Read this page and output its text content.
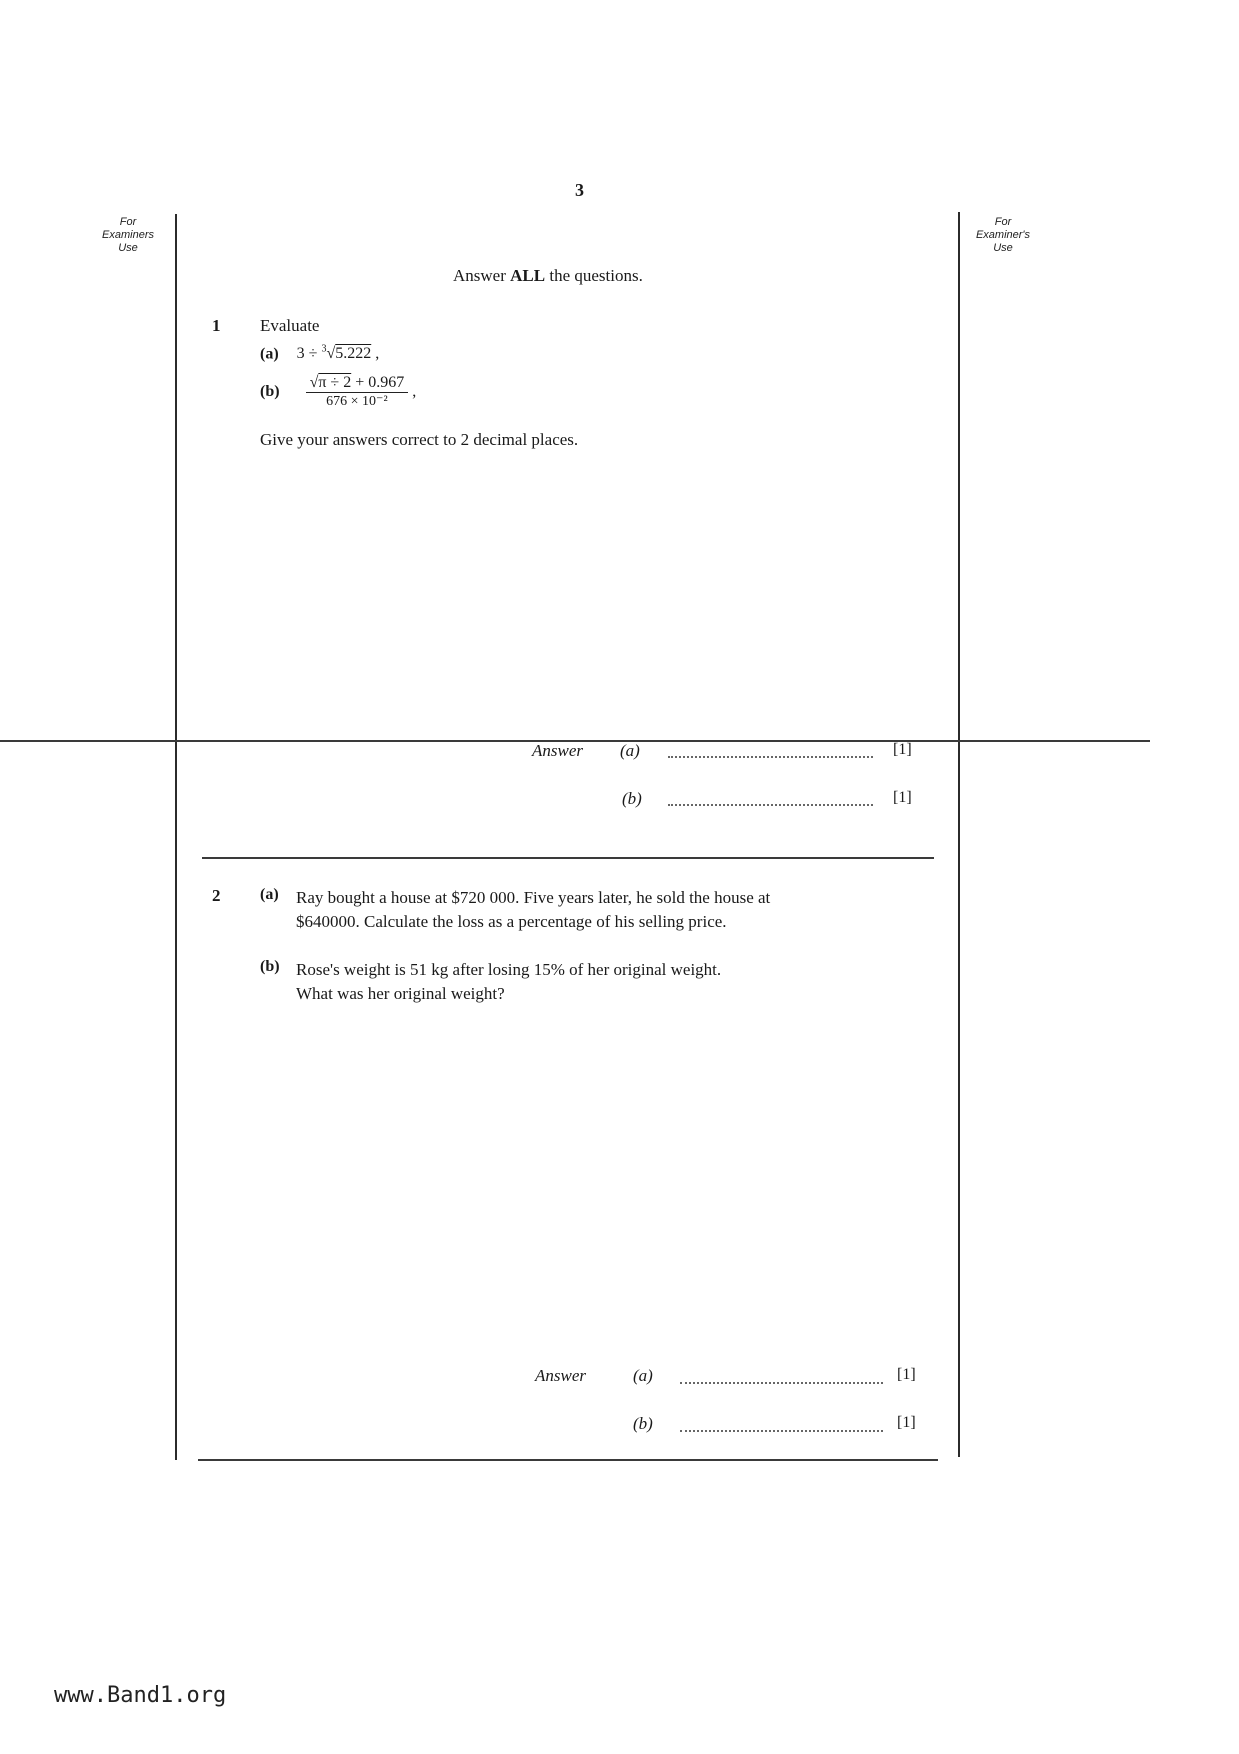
3
For
Examiners
Use
For
Examiner's
Use
Answer ALL the questions.
1 Evaluate
(a) 3 ÷ $^3$√5.222 ,
$(b) \frac{√\pi \div 2 + 0.967}{\text{676 × 10⁻²}}$ ,
Give your answers correct to 2 decimal places.
Answer (a)	[1]
(b)	[1]
2 (a) Ray bought a house at $720 000. Five years later, he sold the house at
$640000. Calculate the loss as a percentage of his selling price.
(b) Rose's weight is 51 kg after losing 15% of her original weight.
What was her original weight?
Answer	(a)	[1]
(b)	[1]
www.Band1.org
